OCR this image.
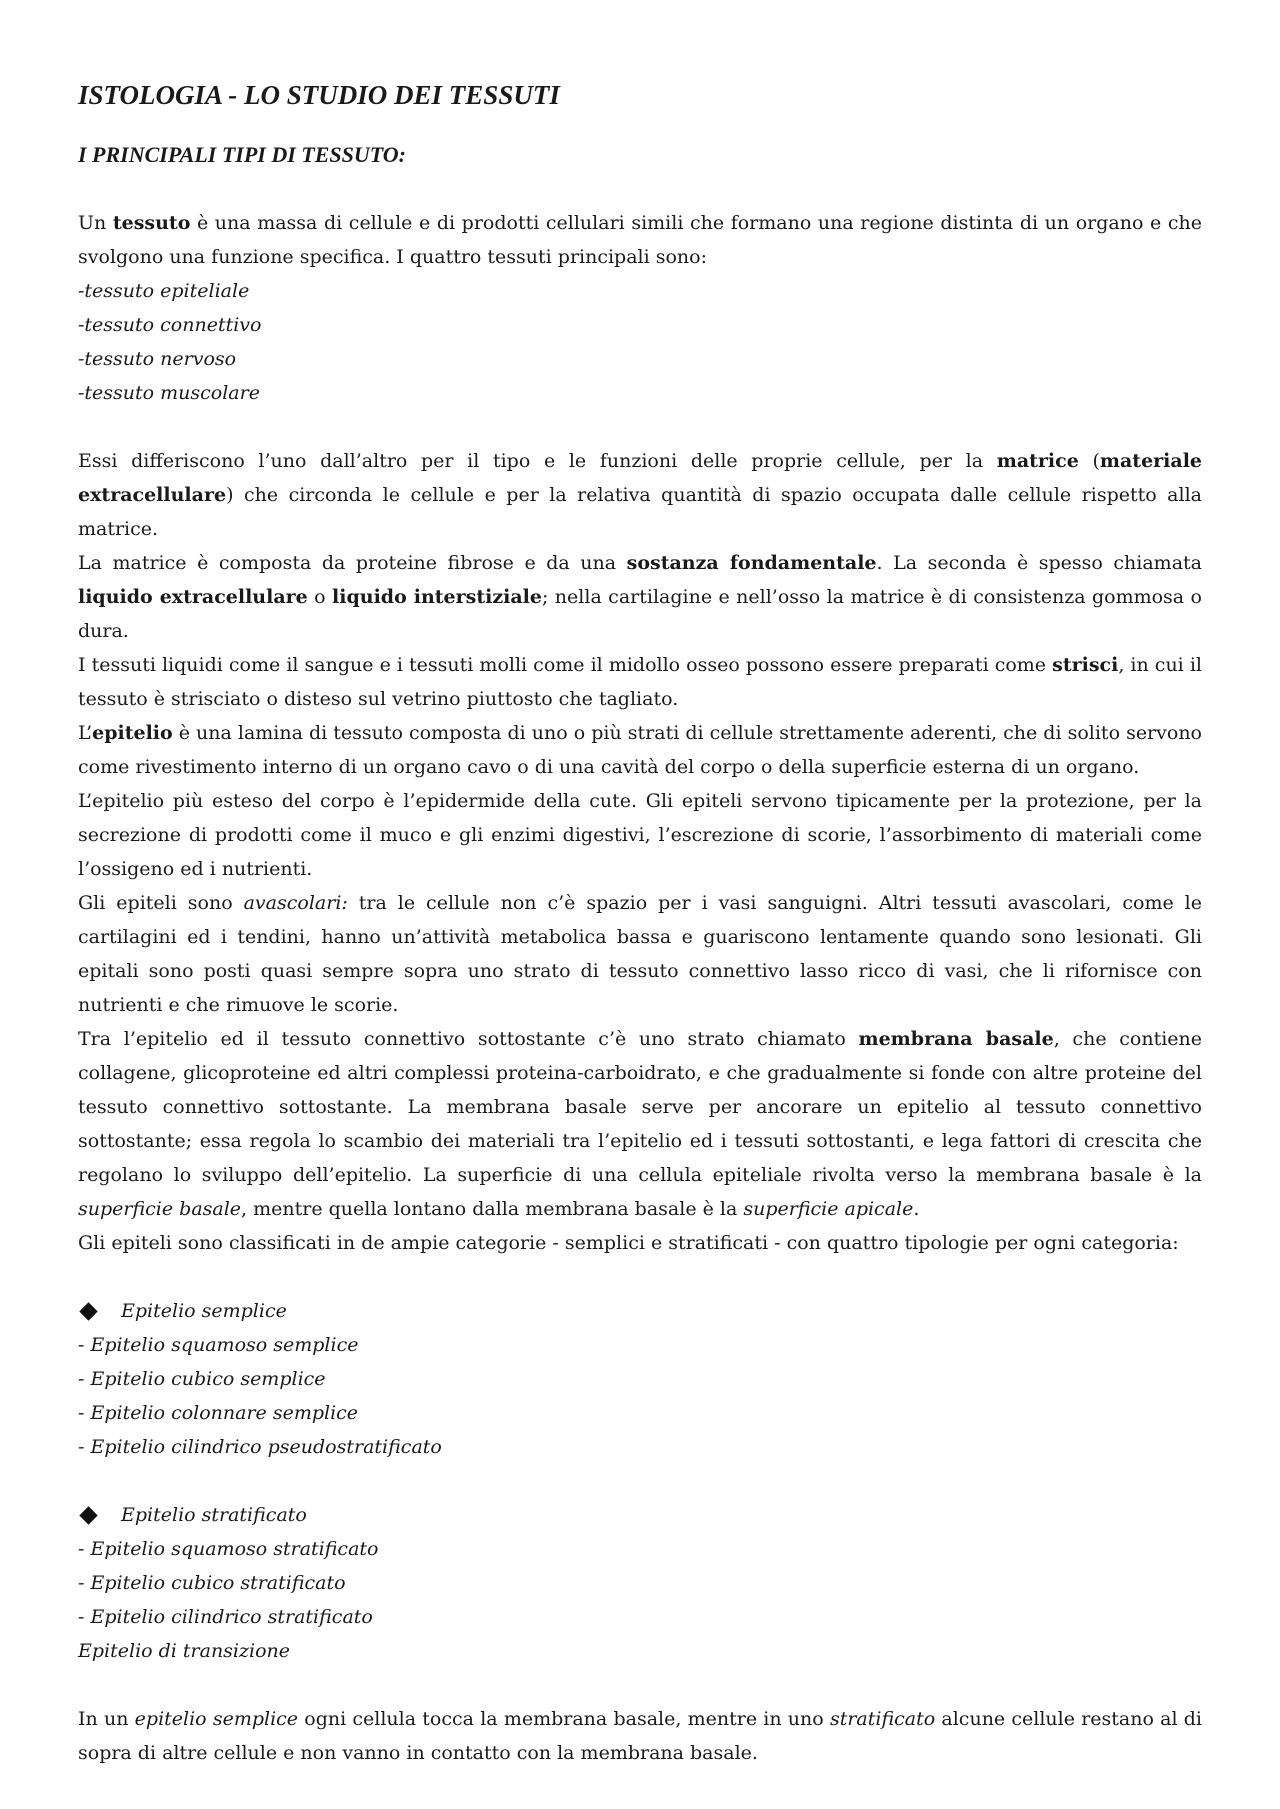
ISTOLOGIA - LO STUDIO DEI TESSUTI
I PRINCIPALI TIPI DI TESSUTO:

Un tessuto è una massa di cellule e di prodotti cellulari simili che formano una regione distinta di un organo e che svolgono una funzione specifica. I quattro tessuti principali sono:

-tessuto epiteliale
-tessuto connettivo
-tessuto nervoso
-tessuto muscolare

Essi differiscono l’uno dall’altro per il tipo e le funzioni delle proprie cellule, per la matrice (materiale extracellulare) che circonda le cellule e per la relativa quantità di spazio occupata dalle cellule rispetto alla matrice.

La matrice è composta da proteine fibrose e da una sostanza fondamentale. La seconda è spesso chiamata liquido extracellulare o liquido interstiziale; nella cartilagine e nell’osso la matrice è di consistenza gommosa o dura.

I tessuti liquidi come il sangue e i tessuti molli come il midollo osseo possono essere preparati come strisci, in cui il tessuto è strisciato o disteso sul vetrino piuttosto che tagliato.

L’epitelio è una lamina di tessuto composta di uno o più strati di cellule strettamente aderenti, che di solito servono come rivestimento interno di un organo cavo o di una cavità del corpo o della superficie esterna di un organo.

L’epitelio più esteso del corpo è l’epidermide della cute. Gli epiteli servono tipicamente per la protezione, per la secrezione di prodotti come il muco e gli enzimi digestivi, l’escrezione di scorie, l’assorbimento di materiali come l’ossigeno ed i nutrienti.

Gli epiteli sono avascolari: tra le cellule non c’è spazio per i vasi sanguigni. Altri tessuti avascolari, come le cartilagini ed i tendini, hanno un’attività metabolica bassa e guariscono lentamente quando sono lesionati. Gli epitali sono posti quasi sempre sopra uno strato di tessuto connettivo lasso ricco di vasi, che li rifornisce con nutrienti e che rimuove le scorie.

Tra l’epitelio ed il tessuto connettivo sottostante c’è uno strato chiamato membrana basale, che contiene collagene, glicoproteine ed altri complessi proteina-carboidrato, e che gradualmente si fonde con altre proteine del tessuto connettivo sottostante. La membrana basale serve per ancorare un epitelio al tessuto connettivo sottostante; essa regola lo scambio dei materiali tra l’epitelio ed i tessuti sottostanti, e lega fattori di crescita che regolano lo sviluppo dell’epitelio. La superficie di una cellula epiteliale rivolta verso la membrana basale è la superficie basale, mentre quella lontano dalla membrana basale è la superficie apicale.

Gli epiteli sono classificati in de ampie categorie - semplici e stratificati - con quattro tipologie per ogni categoria:

Epitelio semplice
- Epitelio squamoso semplice
- Epitelio cubico semplice
- Epitelio colonnare semplice
- Epitelio cilindrico pseudostratificato
Epitelio stratificato
- Epitelio squamoso stratificato
- Epitelio cubico stratificato
- Epitelio cilindrico stratificato
Epitelio di transizione

In un epitelio semplice ogni cellula tocca la membrana basale, mentre in uno stratificato alcune cellule restano al di sopra di altre cellule e non vanno in contatto con la membrana basale.
